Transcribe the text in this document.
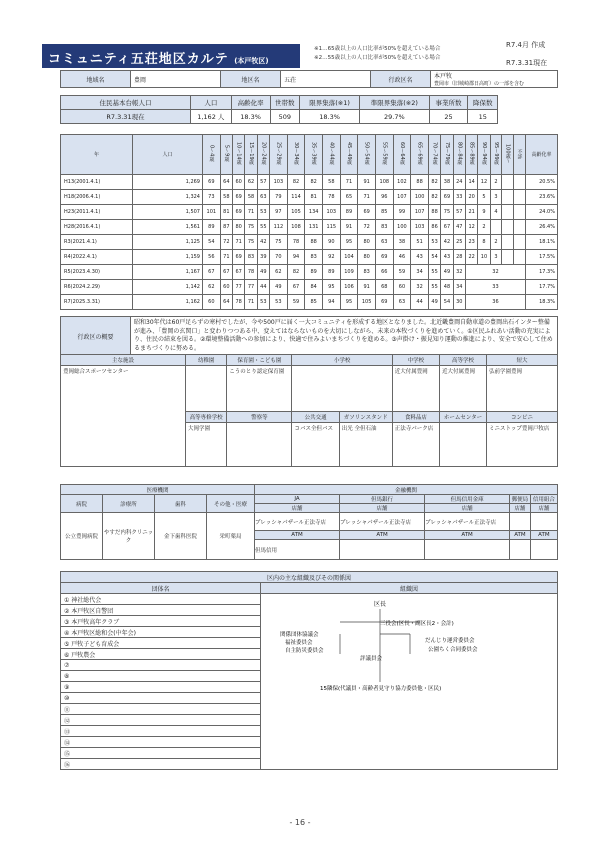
コミュニティ五荘地区カルテ (本戸牧区)
※1…65歳以上の人口比率が50%を超えている場合
※2…55歳以上の人口比率が50%を超えている場合
R7.4月 作成
R7.3.31現在
地域名	豊岡	地区名	五荘	行政区名	本戸牧
豊岡市（旧城崎郡日高町）の一部を含む
住民基本台帳人口	人口	高齢化率	世帯数	限界集落(※1)	準限界集落(※2)	事業所数	降保数
R7.3.31現在	1,162 人	18.3%	509	18.3%	29.7%	25	15
年	人口	0〜4歳	5〜9歳	10〜14歳	15〜19歳	20〜24歳	25〜29歳	30〜34歳	35〜39歳	40〜44歳	45〜49歳	50〜54歳	55〜59歳	60〜64歳	65〜69歳	70〜74歳	75〜79歳	80〜84歳	85〜89歳	90〜94歳	95〜99歳	100歳〜	不詳	高齢化率
H13(2001.4.1)	1,269	69	64	60	62	57	103	82	82	58	71	91	108	102	88	82	38	24	14	12	2			20.5%
H18(2006.4.1)	1,324	73	58	69	58	63	79	114	81	78	65	71	96	107	100	82	69	33	20	5	3			23.6%
H23(2011.4.1)	1,507	101	81	69	71	53	97	105	134	103	89	69	85	99	107	88	75	57	21	9	4			24.0%
H28(2016.4.1)	1,561	89	87	80	75	55	112	108	131	115	91	72	83	100	103	86	67	47	12	2				26.4%
R3(2021.4.1)	1,125	54	72	71	75	42	75	78	88	90	95	80	63	38	51	53	42	25	23	8	2			18.1%
R4(2022.4.1)	1,159	56	71	69	83	39	70	94	83	92	104	80	69	46	43	54	43	28	22	10	3			17.5%
R5(2023.4.30)	1,167	67	67	67	78	49	62	82	89	89	109	83	66	59	34	55	49	32	32					17.3%
R6(2024.2.29)	1,142	62	60	77	77	44	49	67	84	95	106	91	68	60	32	55	48	34	33					17.7%
R7(2025.3.31)	1,162	60	64	78	71	53	53	59	85	94	95	105	69	63	44	49	54	30	36					18.3%
行政区の概要	昭和30年代は60戸足らずの寒村でしたが、今や500戸に届く一大コミュニティを形成する地区となりました。北近畿豊岡自動車道の豊岡出石インター整備が進み、「豊岡の玄関口」と変わりつつある中、変えてはならないものを大切にしながら、未来の本牧づくりを進めていく。①区民ふれあい活動の充実により、住民の結束を図る。②環境整備活動への参加により、快適で住みよいまちづくりを進める。③声掛け・振見知り運動の推進により、安全で安心して住めるまちづくりに努める。
主な施設	幼稚園	保育園・こども園	小学校		中学校	高等学校	短大
豊岡総合スポーツセンター		こうのとり認定保育園			近大付属豊岡	近大付属豊岡	弘前学園豊岡
	高等専修学校	警察等	公共交通	ガソリンスタンド	食料品店	ホームセンター	コンビニ
	大岡学園		コバス全但バス	出光 全但石油	正法寺パーク店		ミニストップ豊岡戸牧店
医療機関				金融機関				
病院	診療所	歯科	その他・医療	JA	但馬銀行	但馬信用金庫	郵便局	信用組合
				店舗	店舗	店舗	店舗	店舗
公立豊岡病院	やすだ内科クリニック	金下歯科医院	栄町薬局	プレッシャパザール正法寺店	プレッシャパザール正法寺店	プレッシャパザール正法寺店		
				ATM	ATM	ATM	ATM	ATM
				但馬信用				
区内の主な組織及びその関係図	
団体名	組織図
① 神社総代会	
② 本戸牧区自警団	
③ 本戸牧高年クラブ	
④ 本戸牧区総和会(中年会)	
⑤ 戸牧子ども育成会	
⑥ 戸牧農会	
⑦	
⑧	
⑨	
⑩	
⑪	
⑫	
⑬	
⑭	
⑮	
⑯	
区長
三役会(区長・副区長2・会計)
関係団体協議会
福祉委員会
自主防災委員会
だんじり運営委員会
公園ちく合同委員会
評議員会
15隣保(代議員・高齢者見守り協力委員他・区民)
- 16 -
